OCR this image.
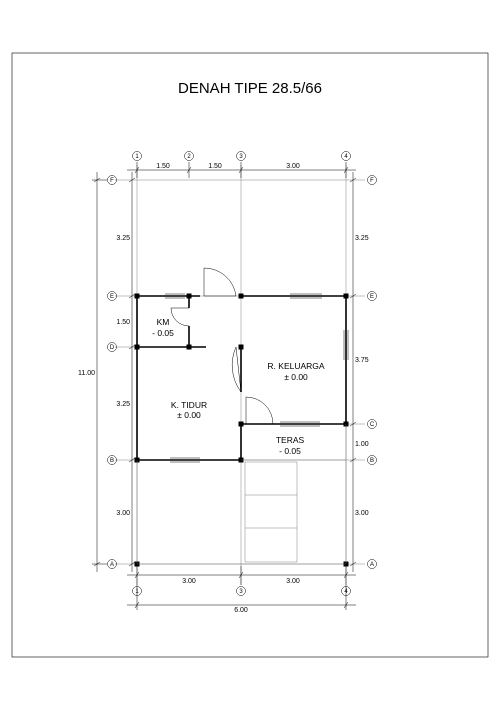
DENAH TIPE 28.5/66
1.50	1.50	3.00
1	2	3	4
3.00	3.00
6.00
1	3	4
11.00
3.25
1.50
3.25
3.00
F
E
D
B
A
3.25
3.75
1.00
3.00
F
E
C
B
A
KM
- 0.05
R. KELUARGA
± 0.00
K. TIDUR
± 0.00
TERAS
- 0.05
